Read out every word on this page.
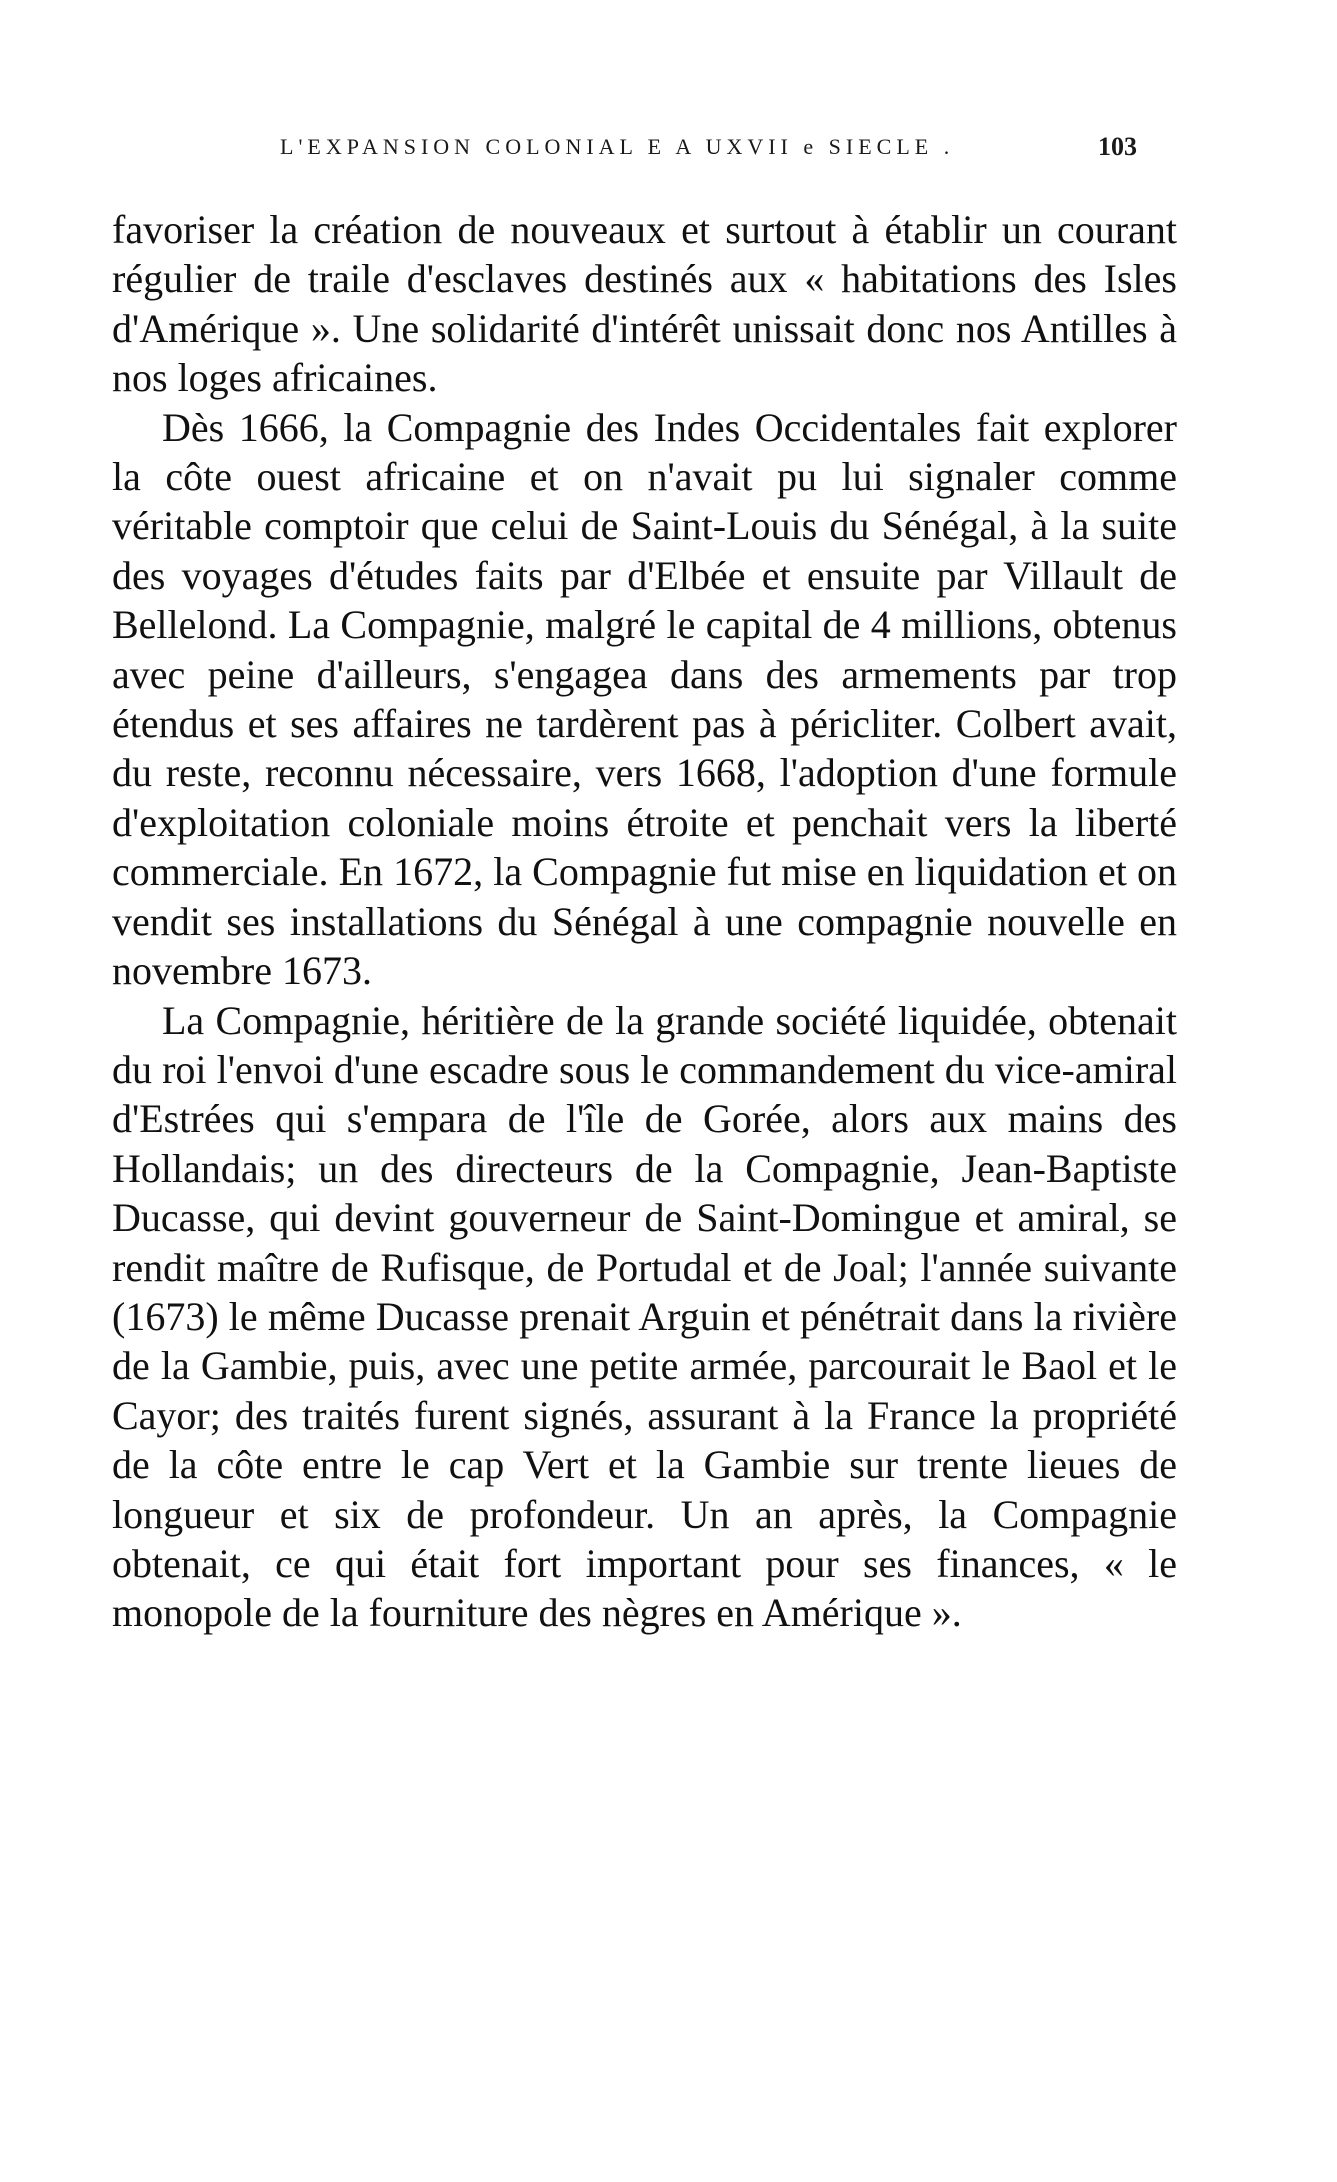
L'EXPANSION COLONIAL E A UXVII e SIECLE .	103

favoriser la création de nouveaux et surtout à établir un courant régulier de traile d'esclaves destinés aux « habitations des Isles d'Amérique ». Une solidarité d'intérêt unissait donc nos Antilles à nos loges africaines.

Dès 1666, la Compagnie des Indes Occidentales fait explorer la côte ouest africaine et on n'avait pu lui signaler comme véritable comptoir que celui de Saint-Louis du Sénégal, à la suite des voyages d'études faits par d'Elbée et ensuite par Villault de Bellelond. La Compagnie, malgré le capital de 4 millions, obtenus avec peine d'ailleurs, s'engagea dans des armements par trop étendus et ses affaires ne tardèrent pas à péricliter. Colbert avait, du reste, reconnu nécessaire, vers 1668, l'adoption d'une formule d'exploitation coloniale moins étroite et penchait vers la liberté commerciale. En 1672, la Compagnie fut mise en liquidation et on vendit ses installations du Sénégal à une compagnie nouvelle en novembre 1673.

La Compagnie, héritière de la grande société liquidée, obtenait du roi l'envoi d'une escadre sous le commandement du vice-amiral d'Estrées qui s'empara de l'île de Gorée, alors aux mains des Hollandais; un des directeurs de la Compagnie, Jean-Baptiste Ducasse, qui devint gouverneur de Saint-Domingue et amiral, se rendit maître de Rufisque, de Portudal et de Joal; l'année suivante (1673) le même Ducasse prenait Arguin et pénétrait dans la rivière de la Gambie, puis, avec une petite armée, parcourait le Baol et le Cayor; des traités furent signés, assurant à la France la propriété de la côte entre le cap Vert et la Gambie sur trente lieues de longueur et six de profondeur. Un an après, la Compagnie obtenait, ce qui était fort important pour ses finances, « le monopole de la fourniture des nègres en Amérique ».
